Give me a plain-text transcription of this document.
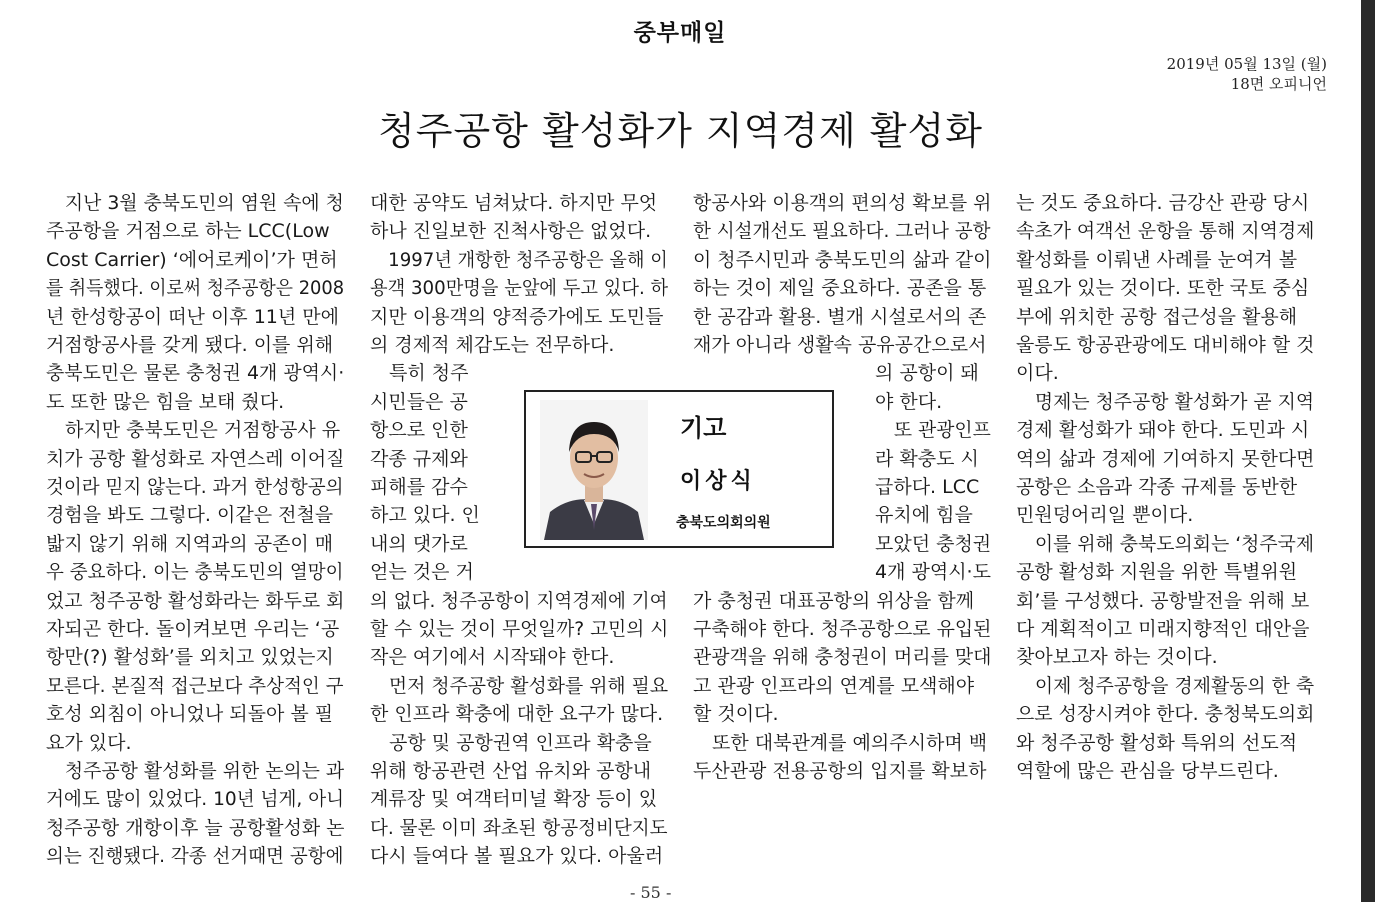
중부매일
2019년 05월 13일 (월)
18면 오피니언
청주공항 활성화가 지역경제 활성화
　지난 3월 충북도민의 염원 속에 청
주공항을 거점으로 하는 LCC(Low
Cost Carrier) ‘에어로케이’가 면허
를 취득했다. 이로써 청주공항은 2008
년 한성항공이 떠난 이후 11년 만에
거점항공사를 갖게 됐다. 이를 위해
충북도민은 물론 충청권 4개 광역시·
도 또한 많은 힘을 보태 줬다.
　하지만 충북도민은 거점항공사 유
치가 공항 활성화로 자연스레 이어질
것이라 믿지 않는다. 과거 한성항공의
경험을 봐도 그렇다. 이같은 전철을
밟지 않기 위해 지역과의 공존이 매
우 중요하다. 이는 충북도민의 열망이
었고 청주공항 활성화라는 화두로 회
자되곤 한다. 돌이켜보면 우리는 ‘공
항만(?) 활성화’를 외치고 있었는지
모른다. 본질적 접근보다 추상적인 구
호성 외침이 아니었나 되돌아 볼 필
요가 있다.
　청주공항 활성화를 위한 논의는 과
거에도 많이 있었다. 10년 넘게, 아니
청주공항 개항이후 늘 공항활성화 논
의는 진행됐다. 각종 선거때면 공항에
대한 공약도 넘쳐났다. 하지만 무엇
하나 진일보한 진척사항은 없었다.
　1997년 개항한 청주공항은 올해 이
용객 300만명을 눈앞에 두고 있다. 하
지만 이용객의 양적증가에도 도민들
의 경제적 체감도는 전무하다.
　특히 청주
시민들은 공
항으로 인한
각종 규제와
피해를 감수
하고 있다. 인
내의 댓가로
얻는 것은 거
의 없다. 청주공항이 지역경제에 기여
할 수 있는 것이 무엇일까? 고민의 시
작은 여기에서 시작돼야 한다.
　먼저 청주공항 활성화를 위해 필요
한 인프라 확충에 대한 요구가 많다.
　공항 및 공항권역 인프라 확충을
위해 항공관련 산업 유치와 공항내
계류장 및 여객터미널 확장 등이 있
다. 물론 이미 좌초된 항공정비단지도
다시 들여다 볼 필요가 있다. 아울러
항공사와 이용객의 편의성 확보를 위
한 시설개선도 필요하다. 그러나 공항
이 청주시민과 충북도민의 삶과 같이
하는 것이 제일 중요하다. 공존을 통
한 공감과 활용. 별개 시설로서의 존
재가 아니라 생활속 공유공간으로서
의 공항이 돼
야 한다.
　또 관광인프
라 확충도 시
급하다. LCC
유치에 힘을
모았던 충청권
4개 광역시·도
가 충청권 대표공항의 위상을 함께
구축해야 한다. 청주공항으로 유입된
관광객을 위해 충청권이 머리를 맞대
고 관광 인프라의 연계를 모색해야
할 것이다.
　또한 대북관계를 예의주시하며 백
두산관광 전용공항의 입지를 확보하
는 것도 중요하다. 금강산 관광 당시
속초가 여객선 운항을 통해 지역경제
활성화를 이뤄낸 사례를 눈여겨 볼
필요가 있는 것이다. 또한 국토 중심
부에 위치한 공항 접근성을 활용해
울릉도 항공관광에도 대비해야 할 것
이다.
　명제는 청주공항 활성화가 곧 지역
경제 활성화가 돼야 한다. 도민과 시
역의 삶과 경제에 기여하지 못한다면
공항은 소음과 각종 규제를 동반한
민원덩어리일 뿐이다.
　이를 위해 충북도의회는 ‘청주국제
공항 활성화 지원을 위한 특별위원
회’를 구성했다. 공항발전을 위해 보
다 계획적이고 미래지향적인 대안을
찾아보고자 하는 것이다.
　이제 청주공항을 경제활동의 한 축
으로 성장시켜야 한다. 충청북도의회
와 청주공항 활성화 특위의 선도적
역할에 많은 관심을 당부드린다.
기고
이상식
충북도의회의원
- 55 -
